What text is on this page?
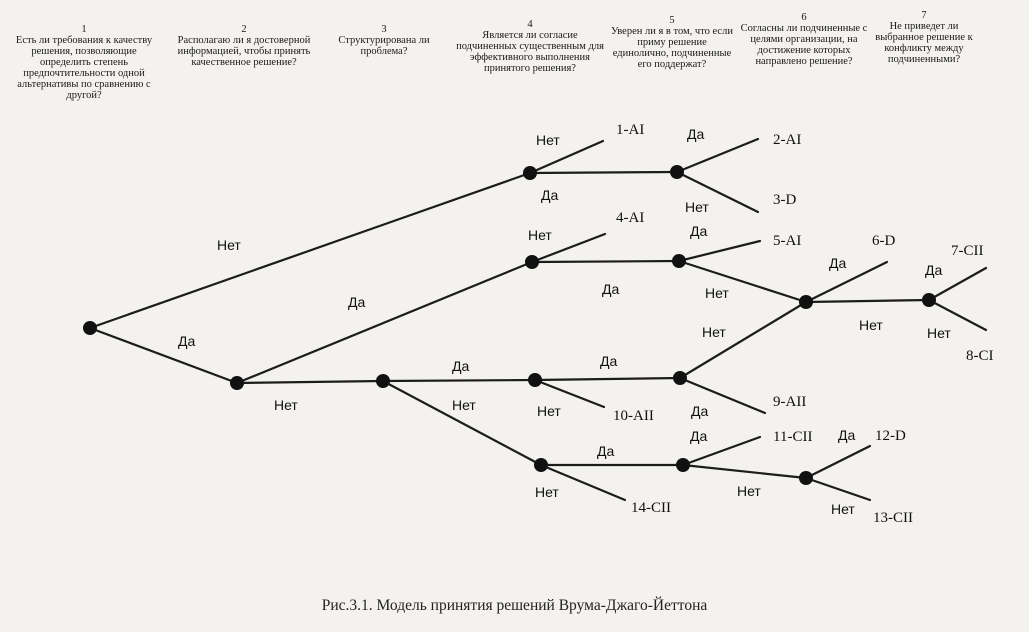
1
Есть ли требования к качеству решения, позволяющие определить степень предпочтительности одной альтернативы по сравнению с другой?
2
Располагаю ли я достоверной информацией, чтобы принять качественное решение?
3
Структурирована ли проблема?
4
Является ли согласие подчиненных существенным для эффективного выполнения принятого решения?
5
Уверен ли я в том, что если приму решение единолично, подчиненные его поддержат?
6
Согласны ли подчиненные с целями организации, на достижение которых направлено решение?
7
Не приведет ли выбранное решение к конфликту между подчиненными?
Нет
Да
Да
Нет
Нет
Да
Нет
Да
Да
Нет
Да
Нет
Да
Нет
Да
Нет
Да
Нет
Нет
Да
Да
Нет
Да
Нет
Да
Нет
Да
Нет
1-AI
2-AI
3-D
4-AI
5-AI	6-D
7-CII
8-CI
9-AII
10-AII
11-CII	12-D
13-CII
14-CII
Рис.3.1. Модель принятия решений Врума-Джаго-Йеттона
